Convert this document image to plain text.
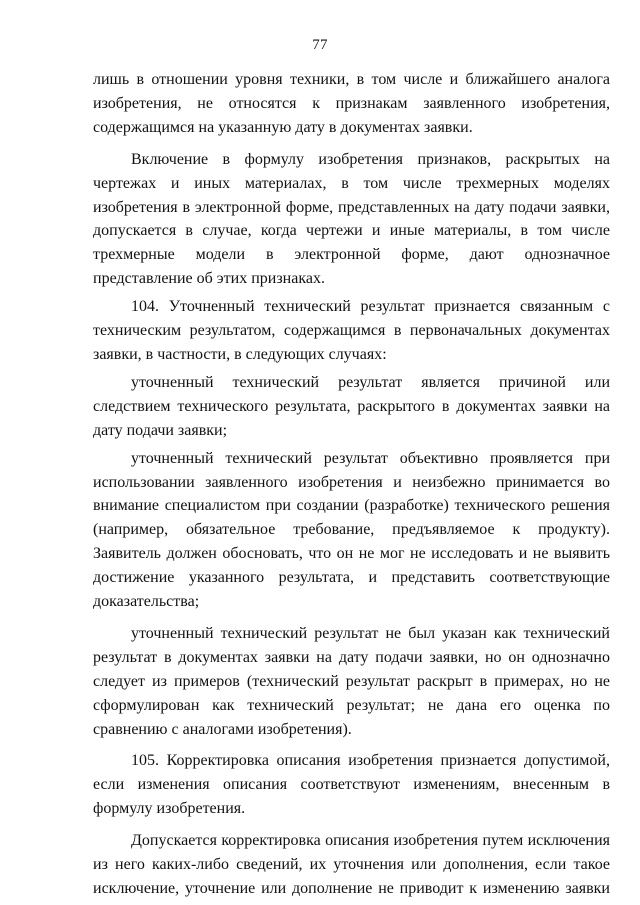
77

лишь в отношении уровня техники, в том числе и ближайшего аналога изобретения, не относятся к признакам заявленного изобретения, содержащимся на указанную дату в документах заявки.

Включение в формулу изобретения признаков, раскрытых на чертежах и иных материалах, в том числе трехмерных моделях изобретения в электронной форме, представленных на дату подачи заявки, допускается в случае, когда чертежи и иные материалы, в том числе трехмерные модели в электронной форме, дают однозначное представление об этих признаках.

104. Уточненный технический результат признается связанным с техническим результатом, содержащимся в первоначальных документах заявки, в частности, в следующих случаях:

уточненный технический результат является причиной или следствием технического результата, раскрытого в документах заявки на дату подачи заявки;

уточненный технический результат объективно проявляется при использовании заявленного изобретения и неизбежно принимается во внимание специалистом при создании (разработке) технического решения (например, обязательное требование, предъявляемое к продукту). Заявитель должен обосновать, что он не мог не исследовать и не выявить достижение указанного результата, и представить соответствующие доказательства;

уточненный технический результат не был указан как технический результат в документах заявки на дату подачи заявки, но он однозначно следует из примеров (технический результат раскрыт в примерах, но не сформулирован как технический результат; не дана его оценка по сравнению с аналогами изобретения).

105. Корректировка описания изобретения признается допустимой, если изменения описания соответствуют изменениям, внесенным в формулу изобретения.

Допускается корректировка описания изобретения путем исключения из него каких-либо сведений, их уточнения или дополнения, если такое исключение, уточнение или дополнение не приводит к изменению заявки
